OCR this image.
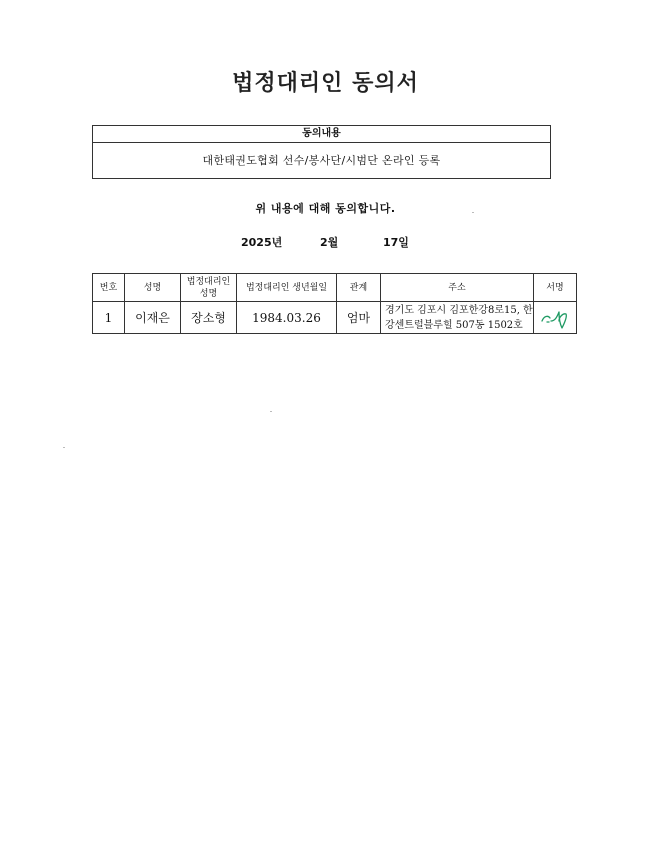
법정대리인 동의서
동의내용
대한태권도협회 선수/봉사단/시범단 온라인 등록
위 내용에 대해 동의합니다.
2025년	2월	17일
번호	성명	법정대리인 성명	법정대리인 생년월일	관계	주소	서명
1	이재은	장소형	1984.03.26	엄마	경기도 김포시 김포한강8로15, 한강센트럴블루힐 507동 1502호	
